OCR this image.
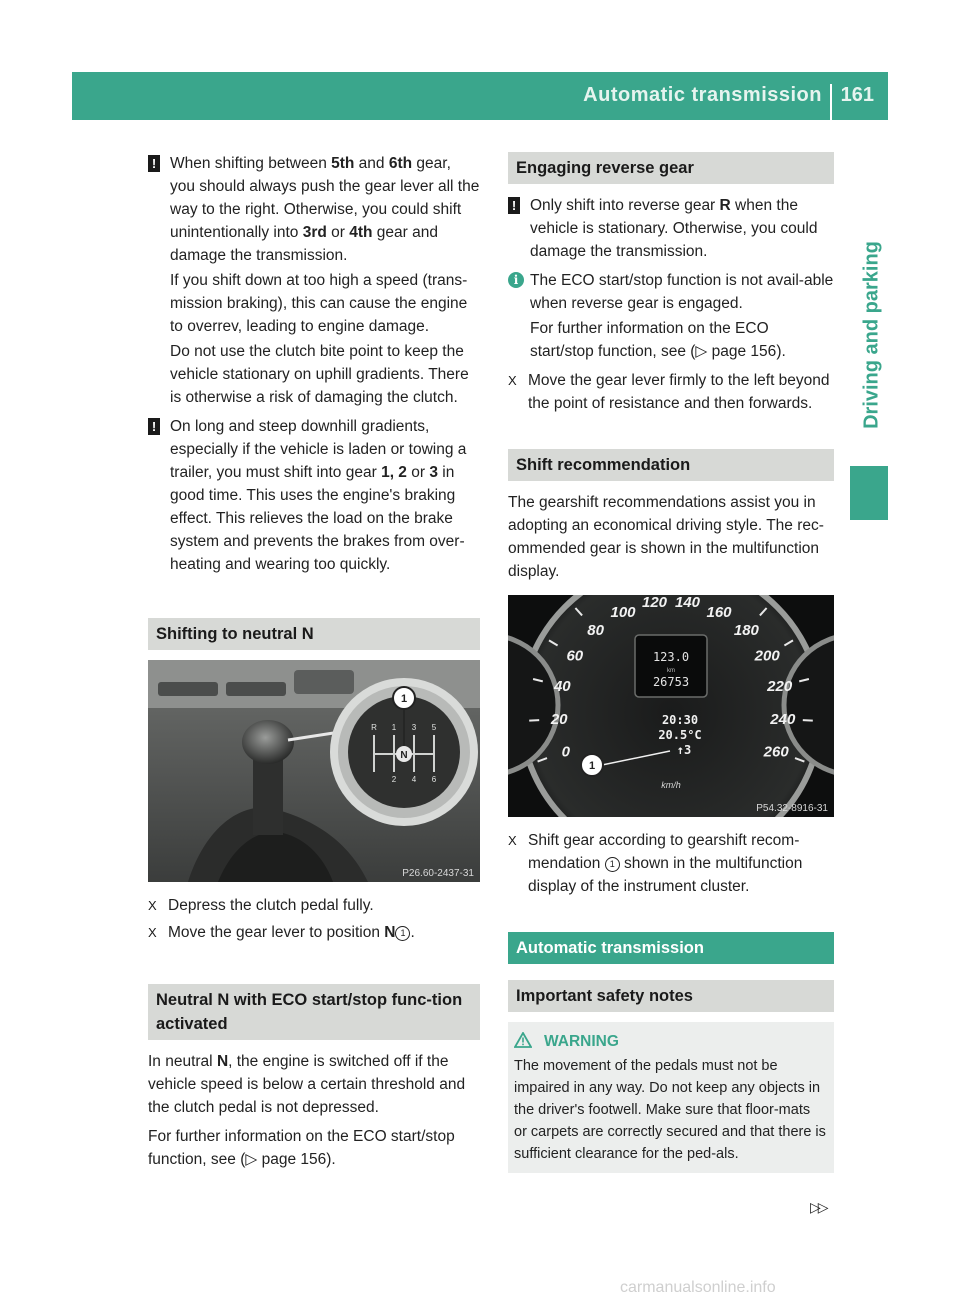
Automatic transmission 161
Driving and parking
! When shifting between 5th and 6th gear, you should always push the gear lever all the way to the right. Otherwise, you could shift unintentionally into 3rd or 4th gear and damage the transmission.

If you shift down at too high a speed (trans-mission braking), this can cause the engine to overrev, leading to engine damage.

Do not use the clutch bite point to keep the vehicle stationary on uphill gradients. There is otherwise a risk of damaging the clutch.

! On long and steep downhill gradients, especially if the vehicle is laden or towing a trailer, you must shift into gear 1, 2 or 3 in good time. This uses the engine's braking effect. This relieves the load on the brake system and prevents the brakes from over-heating and wearing too quickly.

Shifting to neutral N
R 1 3 5
2 4 6
N
1
P26.60-2437-31
X Depress the clutch pedal fully.
X Move the gear lever to position N 1 .
Neutral N with ECO start/stop func-tion activated

In neutral N, the engine is switched off if the vehicle speed is below a certain threshold and the clutch pedal is not depressed.

For further information on the ECO start/stop function, see (▷ page 156).

Engaging reverse gear
! Only shift into reverse gear R when the vehicle is stationary. Otherwise, you could damage the transmission.

i The ECO start/stop function is not avail-able when reverse gear is engaged.

For further information on the ECO start/stop function, see (▷ page 156).

X Move the gear lever firmly to the left beyond the point of resistance and then forwards.
Shift recommendation

The gearshift recommendations assist you in adopting an economical driving style. The rec-ommended gear is shown in the multifunction display.

0
20
40
60
80
100
120 140
160
180
200
220
240
260
123.0
km
26753
20:30
20.5°C
↑3
1
km/h
P54.32-8916-31
X Shift gear according to gearshift recom-mendation 1 shown in the multifunction display of the instrument cluster.
Automatic transmission
Important safety notes
WARNING
The movement of the pedals must not be impaired in any way. Do not keep any objects in the driver's footwell. Make sure that floor-mats or carpets are correctly secured and that there is sufficient clearance for the ped-als.
▷▷
carmanualsonline.info
